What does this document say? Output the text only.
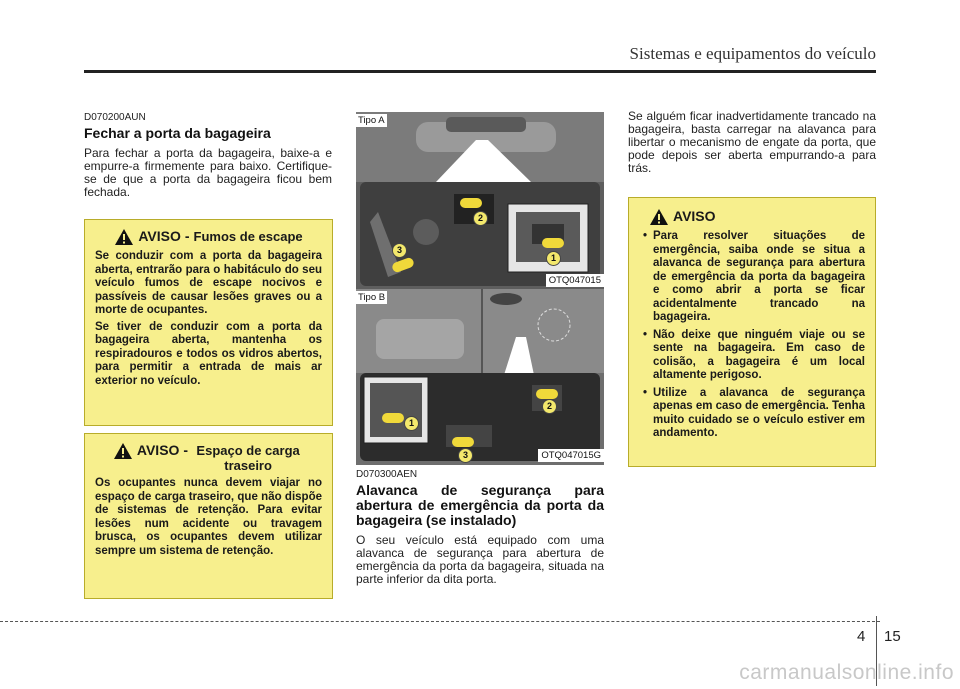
Sistemas e equipamentos do veículo

D070200AUN

Fechar a porta da bagageira

Para fechar a porta da bagageira, baixe-a e empurre-a firmemente para baixo. Certifique-se de que a porta da bagageira ficou bem fechada.

AVISO - Fumos de escape

Se conduzir com a porta da bagageira aberta, entrarão para o habitáculo do seu veículo fumos de escape nocivos e passíveis de causar lesões graves ou a morte de ocupantes.

Se tiver de conduzir com a porta da bagageira aberta, mantenha os respiradouros e todos os vidros abertos, para permitir a entrada de mais ar exterior no veículo.

AVISO - Espaço de carga traseiro

Os ocupantes nunca devem viajar no espaço de carga traseiro, que não dispõe de sistemas de retenção. Para evitar lesões num acidente ou travagem brusca, os ocupantes devem utilizar sempre um sistema de retenção.

1
2
3
Tipo A
OTQ047015
1
2
3
Tipo B
OTQ047015G

D070300AEN

Alavanca de segurança para abertura de emergência da porta da bagageira (se instalado)

O seu veículo está equipado com uma alavanca de segurança para abertura de emergência da porta da bagageira, situada na parte inferior da dita porta.

Se alguém ficar inadvertidamente trancado na bagageira, basta carregar na alavanca para libertar o mecanismo de engate da porta, que pode depois ser aberta empurrando-a para trás.

AVISO
• Para resolver situações de emergência, saiba onde se situa a alavanca de segurança para abertura de emergência da porta da bagageira e como abrir a porta se ficar acidentalmente trancado na bagageira.
• Não deixe que ninguém viaje ou se sente na bagageira. Em caso de colisão, a bagageira é um local altamente perigoso.
• Utilize a alavanca de segurança apenas em caso de emergência. Tenha muito cuidado se o veículo estiver em andamento.
4 15
carmanualsonline.info
